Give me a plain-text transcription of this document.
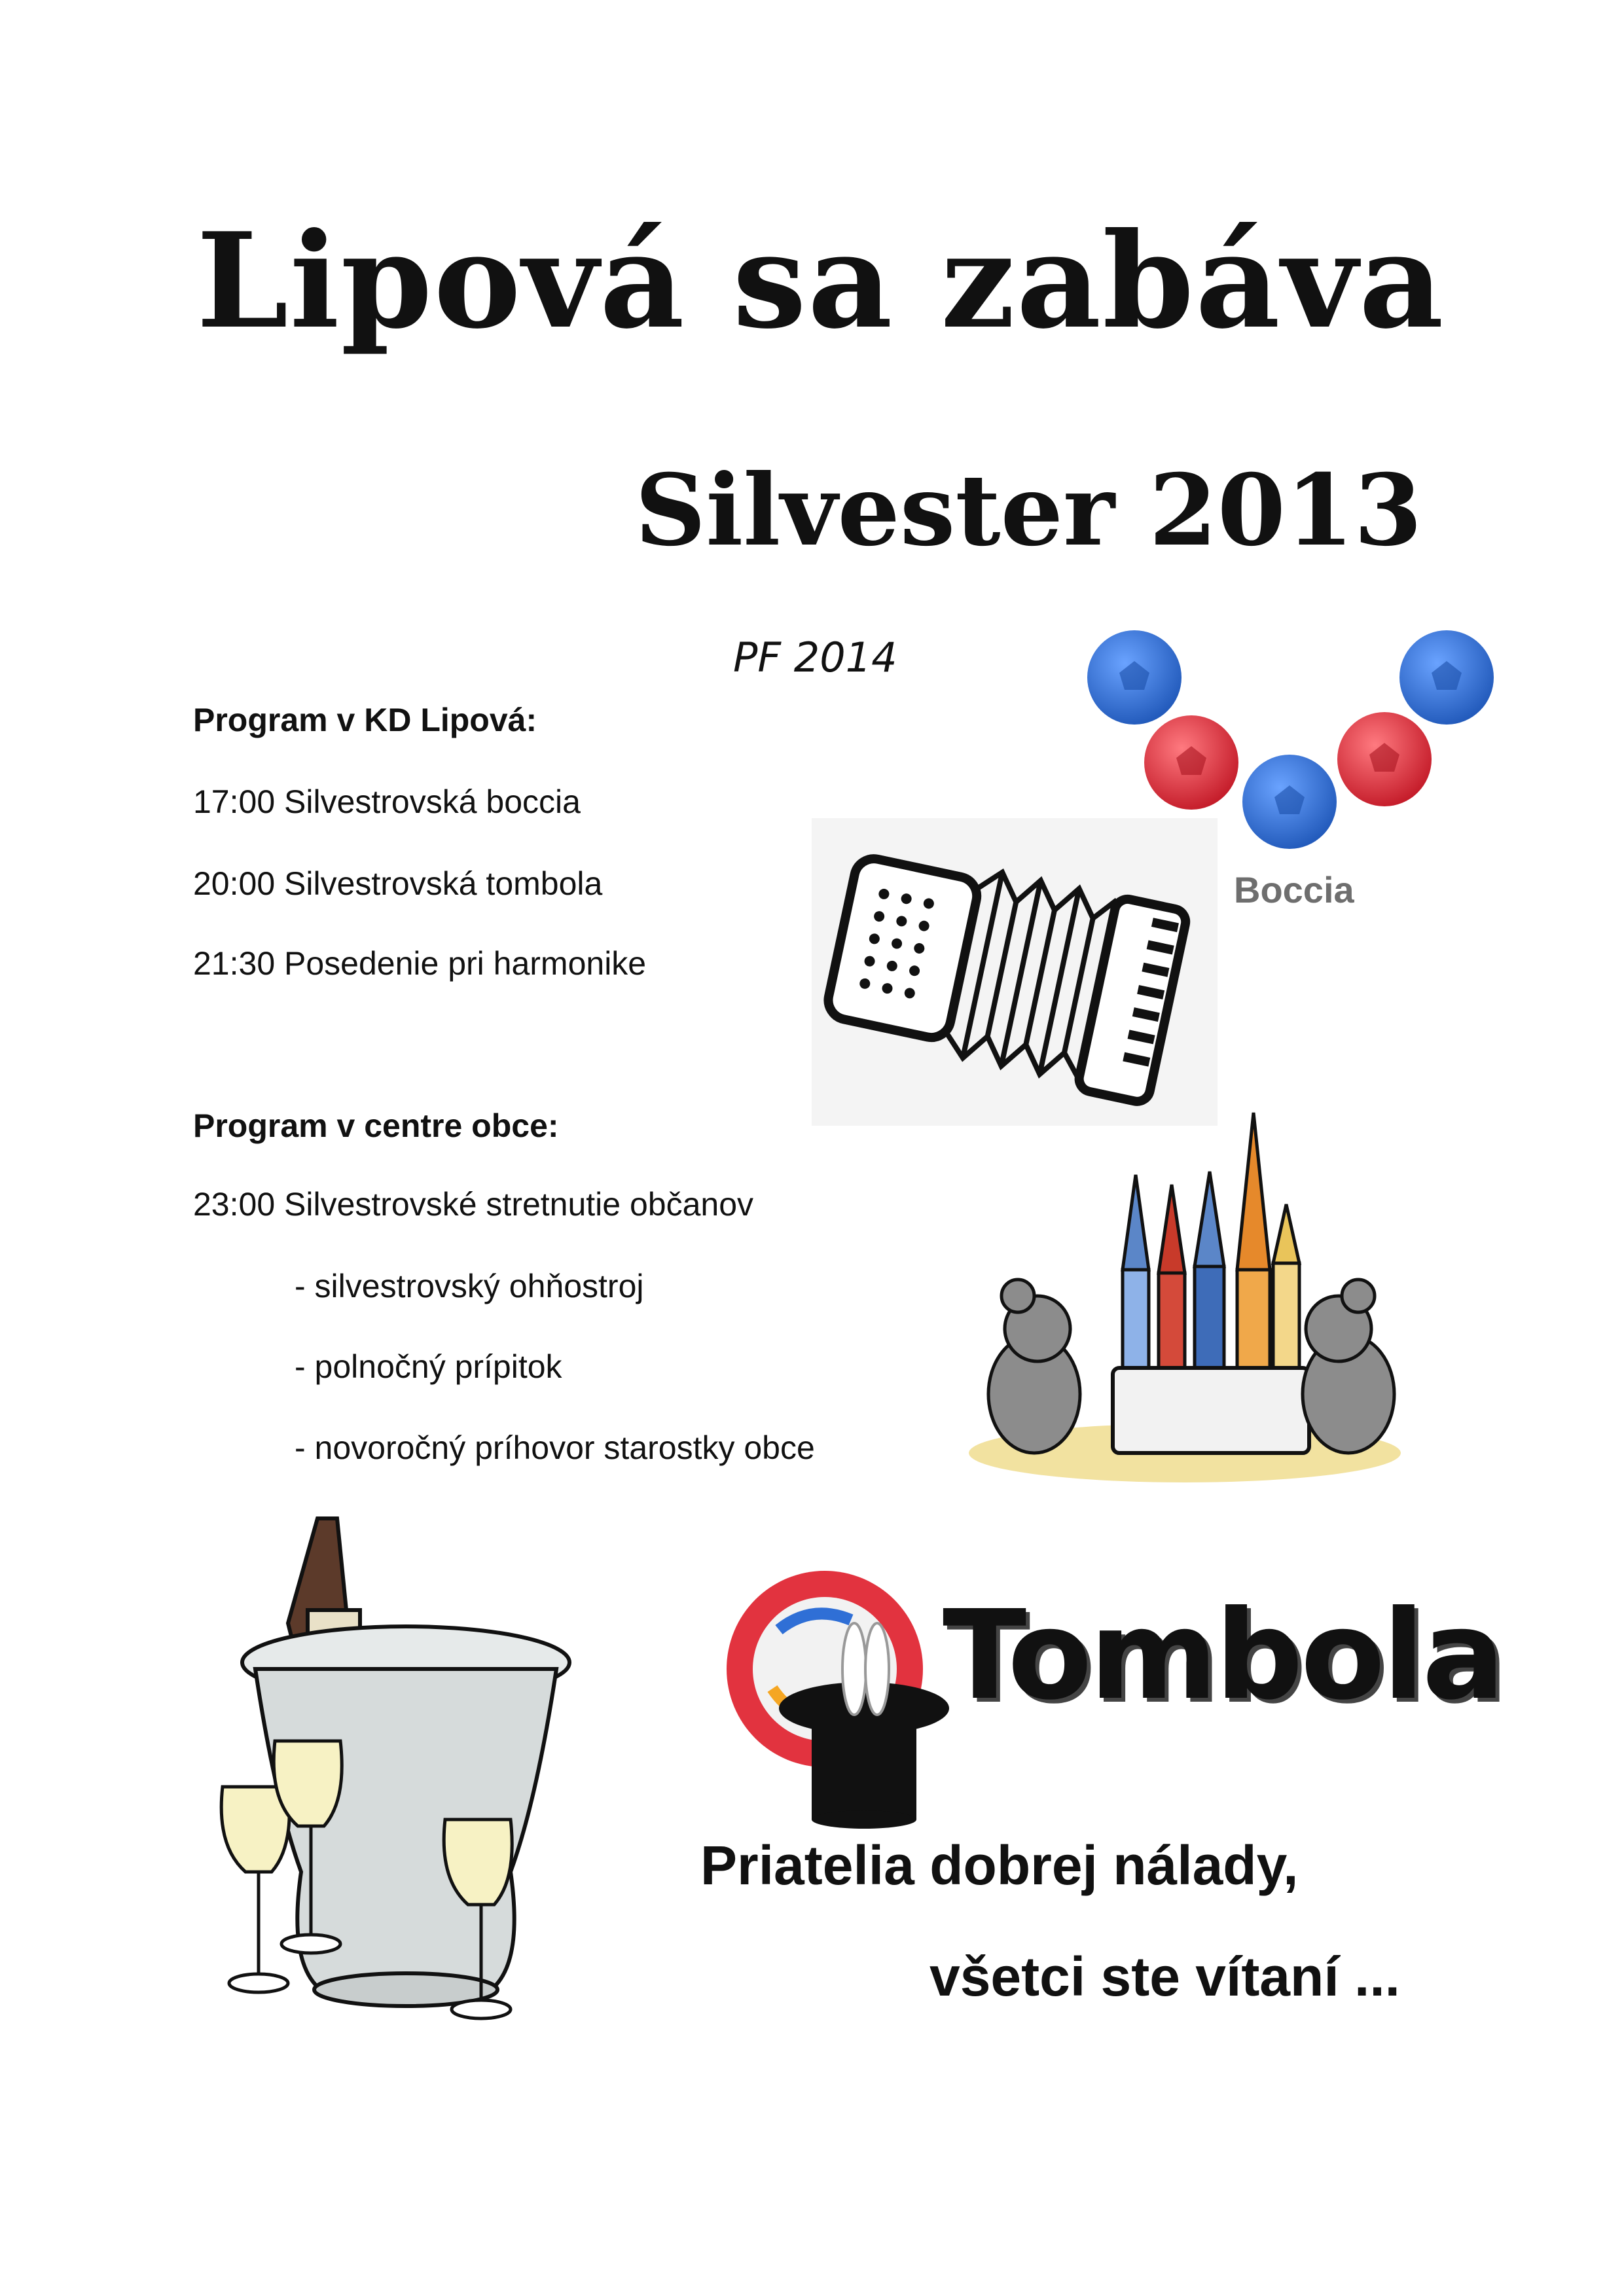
Lipová sa zabáva
Silvester 2013
PF 2014
Program v KD Lipová:
17:00 Silvestrovská boccia
20:00 Silvestrovská tombola
21:30 Posedenie pri harmonike
Program v centre obce:
23:00 Silvestrovské stretnutie občanov
- silvestrovský ohňostroj
- polnočný prípitok
- novoročný príhovor starostky obce
Boccia
Tombola
Priatelia dobrej nálady,
všetci ste vítaní ...
